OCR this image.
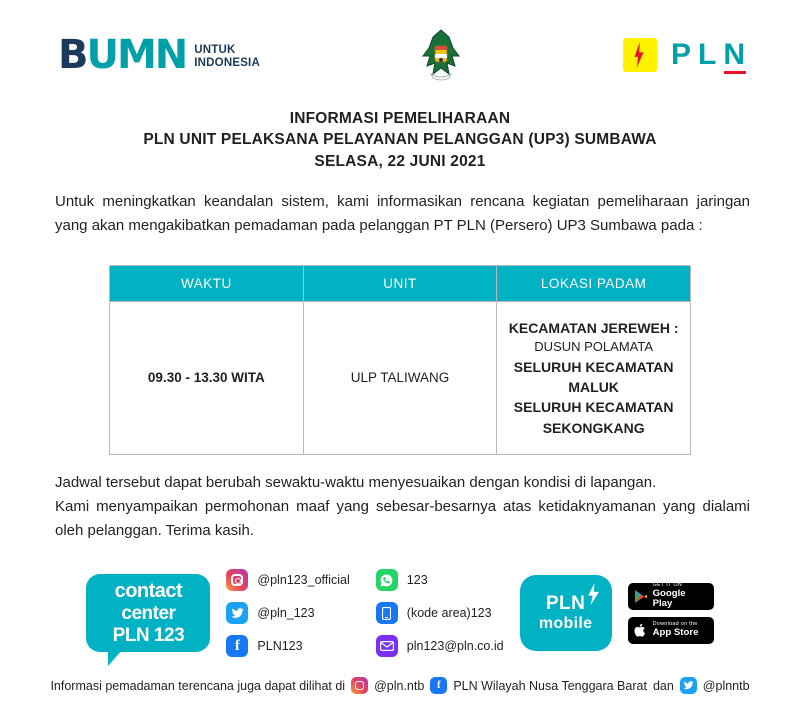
BUMN UNTUK
INDONESIA	PLN
INFORMASI PEMELIHARAAN
PLN UNIT PELAKSANA PELAYANAN PELANGGAN (UP3) SUMBAWA
SELASA, 22 JUNI 2021

Untuk meningkatkan keandalan sistem, kami informasikan rencana kegiatan pemeliharaan jaringan yang akan mengakibatkan pemadaman pada pelanggan PT PLN (Persero) UP3 Sumbawa pada :

WAKTU	UNIT	LOKASI PADAM
09.30 - 13.30 WITA	ULP TALIWANG	KECAMATAN JEREWEH :
DUSUN POLAMATA
SELURUH KECAMATAN MALUK
SELURUH KECAMATAN SEKONGKANG
Jadwal tersebut dapat berubah sewaktu-waktu menyesuaikan dengan kondisi di lapangan.
Kami menyampaikan permohonan maaf yang sebesar-besarnya atas ketidaknyamanan yang dialami oleh pelanggan. Terima kasih.
contact
center
PLN 123
@pln123_official
@pln_123
f	PLN123
123
(kode area)123
pln123@pln.co.id
PLN
mobile
GET IT ON
Google Play
Download on the
App Store
Informasi pemadaman terencana juga dapat dilihat di @pln.ntb	f	PLN Wilayah Nusa Tenggara Barat dan @plnntb
